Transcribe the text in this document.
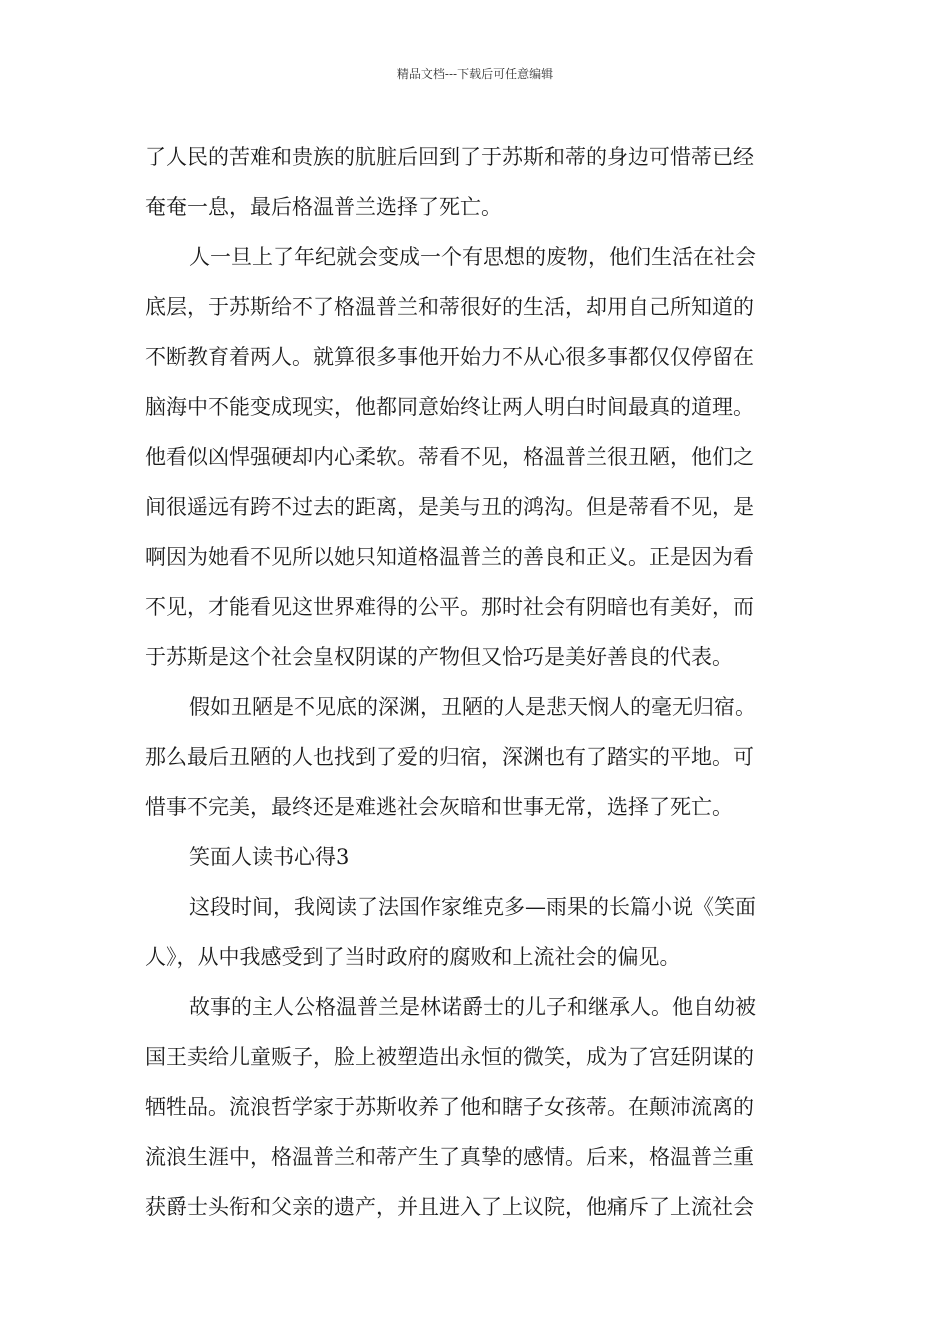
精品文档---下载后可任意编辑
了人民的苦难和贵族的肮脏后回到了于苏斯和蒂的身边可惜蒂已经
奄奄一息，最后格温普兰选择了死亡。
人一旦上了年纪就会变成一个有思想的废物，他们生活在社会
底层，于苏斯给不了格温普兰和蒂很好的生活，却用自己所知道的
不断教育着两人。就算很多事他开始力不从心很多事都仅仅停留在
脑海中不能变成现实，他都同意始终让两人明白时间最真的道理。
他看似凶悍强硬却内心柔软。蒂看不见，格温普兰很丑陋，他们之
间很遥远有跨不过去的距离，是美与丑的鸿沟。但是蒂看不见，是
啊因为她看不见所以她只知道格温普兰的善良和正义。正是因为看
不见，才能看见这世界难得的公平。那时社会有阴暗也有美好，而
于苏斯是这个社会皇权阴谋的产物但又恰巧是美好善良的代表。
假如丑陋是不见底的深渊，丑陋的人是悲天悯人的毫无归宿。
那么最后丑陋的人也找到了爱的归宿，深渊也有了踏实的平地。可
惜事不完美，最终还是难逃社会灰暗和世事无常，选择了死亡。
笑面人读书心得3
这段时间，我阅读了法国作家维克多—雨果的长篇小说《笑面
人》，从中我感受到了当时政府的腐败和上流社会的偏见。
故事的主人公格温普兰是林诺爵士的儿子和继承人。他自幼被
国王卖给儿童贩子，脸上被塑造出永恒的微笑，成为了宫廷阴谋的
牺牲品。流浪哲学家于苏斯收养了他和瞎子女孩蒂。在颠沛流离的
流浪生涯中，格温普兰和蒂产生了真挚的感情。后来，格温普兰重
获爵士头衔和父亲的遗产，并且进入了上议院，他痛斥了上流社会
